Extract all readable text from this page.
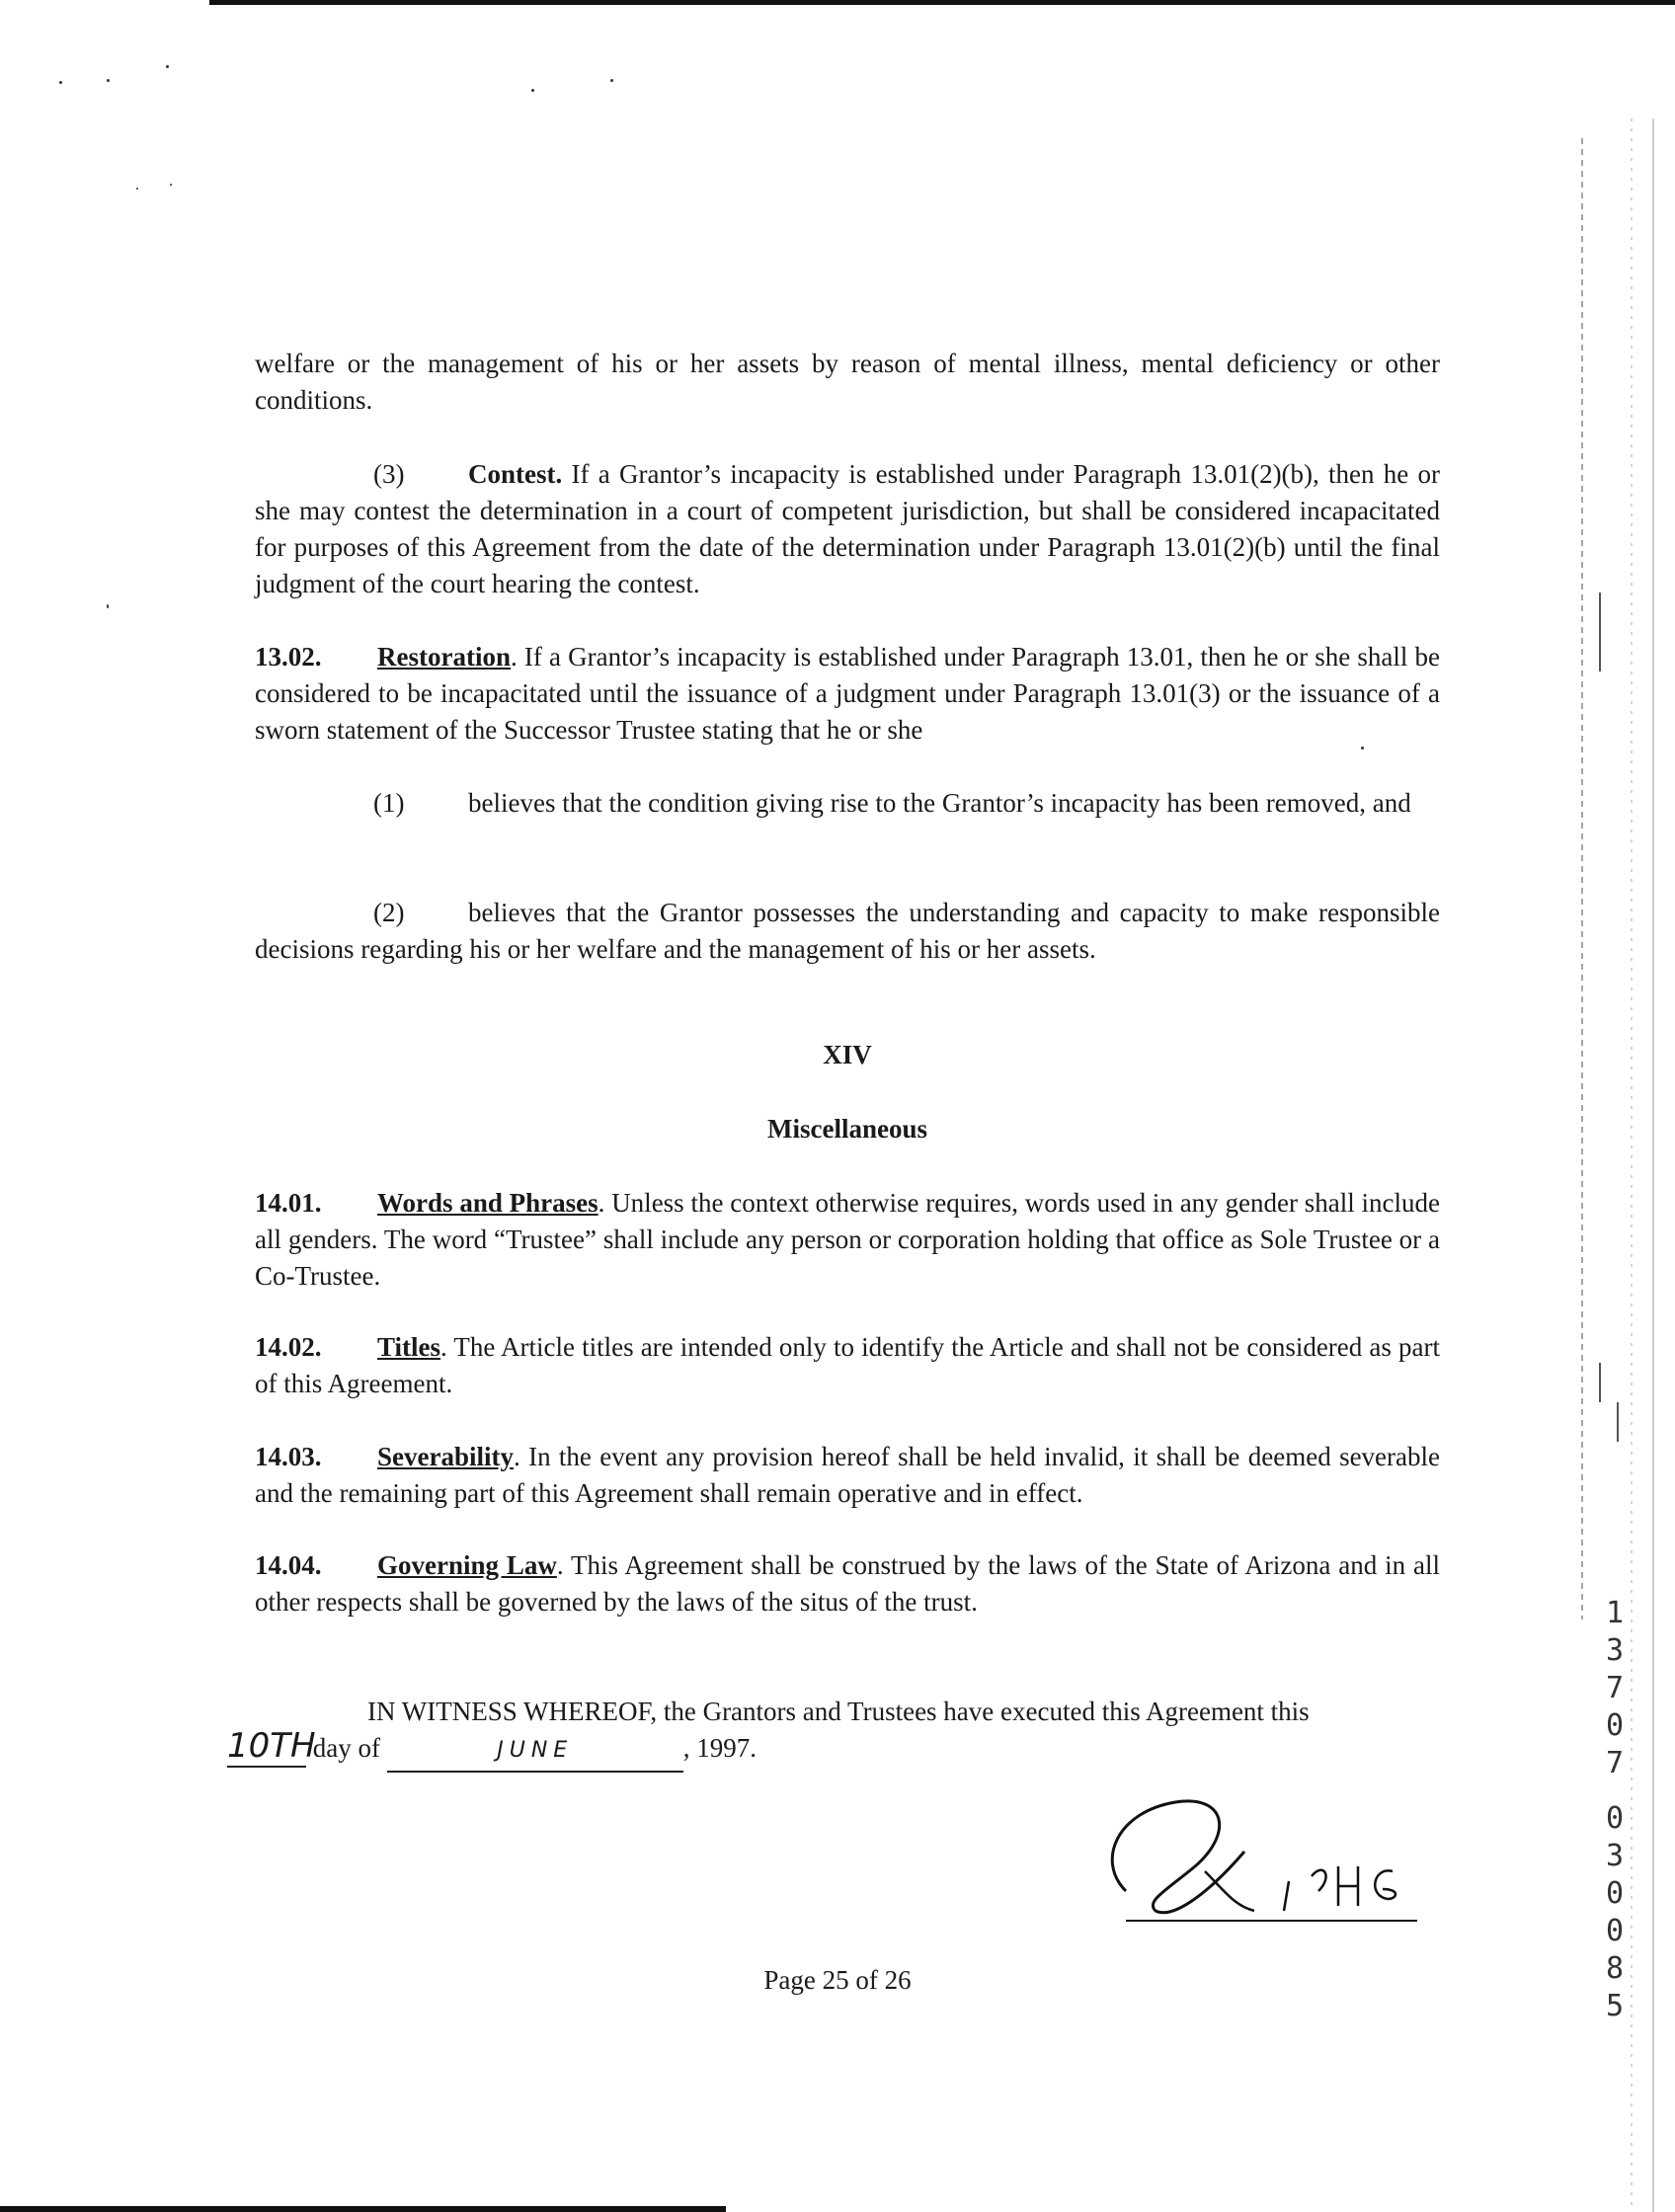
welfare or the management of his or her assets by reason of mental illness, mental deficiency or other conditions.
(3) Contest. If a Grantor’s incapacity is established under Paragraph 13.01(2)(b), then he or she may contest the determination in a court of competent jurisdiction, but shall be considered incapacitated for purposes of this Agreement from the date of the determination under Paragraph 13.01(2)(b) until the final judgment of the court hearing the contest.
13.02. Restoration. If a Grantor’s incapacity is established under Paragraph 13.01, then he or she shall be considered to be incapacitated until the issuance of a judgment under Paragraph 13.01(3) or the issuance of a sworn statement of the Successor Trustee stating that he or she
(1) believes that the condition giving rise to the Grantor’s incapacity has been removed, and
(2) believes that the Grantor possesses the understanding and capacity to make responsible decisions regarding his or her welfare and the management of his or her assets.
XIV
Miscellaneous
14.01. Words and Phrases. Unless the context otherwise requires, words used in any gender shall include all genders. The word “Trustee” shall include any person or corporation holding that office as Sole Trustee or a Co-Trustee.
14.02. Titles. The Article titles are intended only to identify the Article and shall not be considered as part of this Agreement.
14.03. Severability. In the event any provision hereof shall be held invalid, it shall be deemed severable and the remaining part of this Agreement shall remain operative and in effect.
14.04. Governing Law. This Agreement shall be construed by the laws of the State of Arizona and in all other respects shall be governed by the laws of the situs of the trust.
IN WITNESS WHEREOF, the Grantors and Trustees have executed this Agreement this
10TH day of	JUNE	, 1997.
1
3
7
0
7
0
3
0
0
8
5
Page 25 of 26
